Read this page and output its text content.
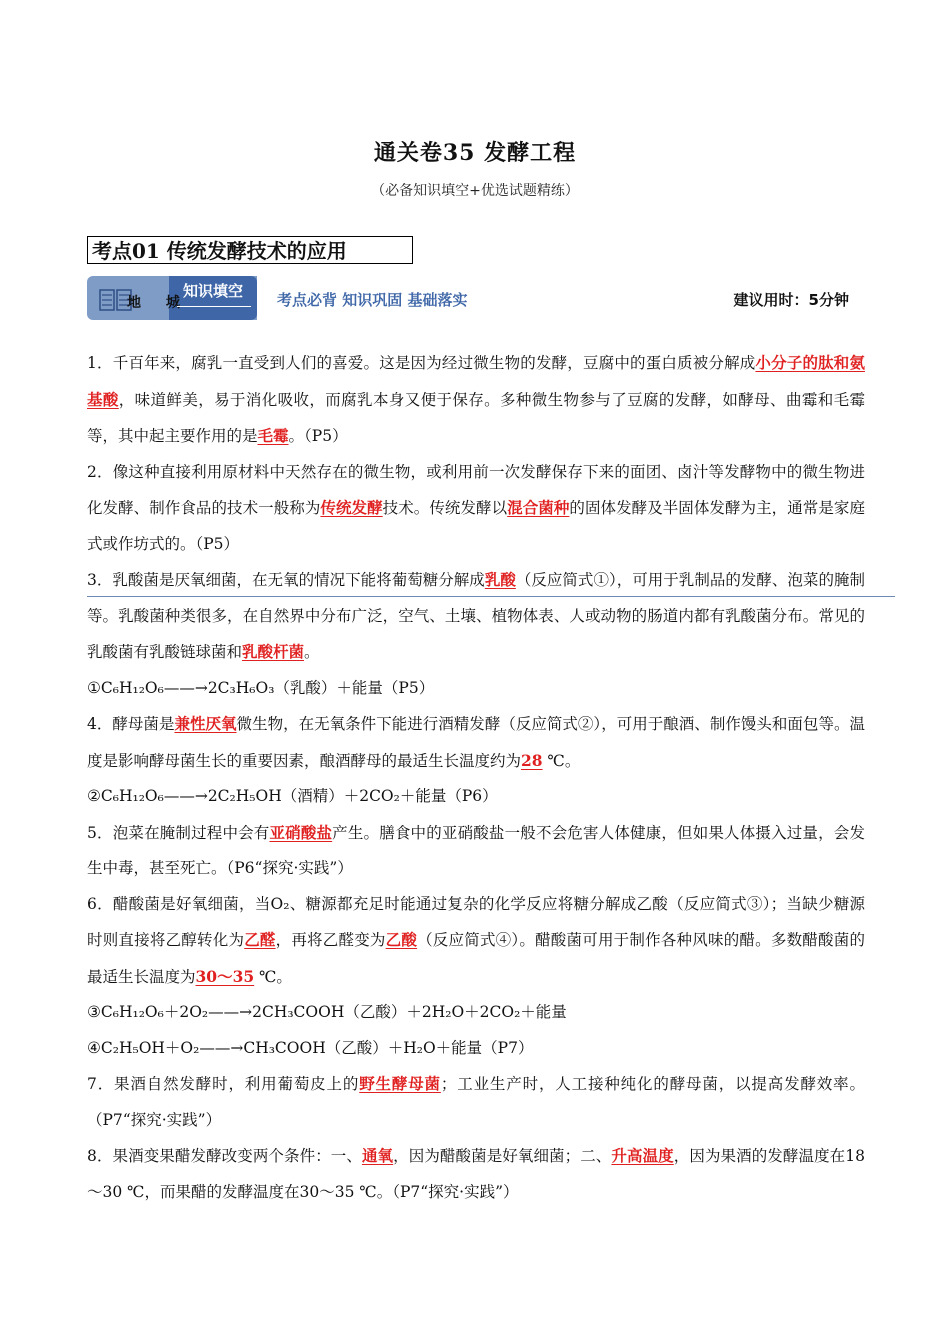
通关卷35 发酵工程
（必备知识填空+优选试题精练）
考点01 传统发酵技术的应用
地 城
知识填空	考点必背 知识巩固 基础落实	建议用时：5分钟

1．千百年来，腐乳一直受到人们的喜爱。这是因为经过微生物的发酵，豆腐中的蛋白质被分解成小分子的肽和氨基酸，味道鲜美，易于消化吸收，而腐乳本身又便于保存。多种微生物参与了豆腐的发酵，如酵母、曲霉和毛霉等，其中起主要作用的是毛霉。（P5）

2．像这种直接利用原材料中天然存在的微生物，或利用前一次发酵保存下来的面团、卤汁等发酵物中的微生物进化发酵、制作食品的技术一般称为传统发酵技术。传统发酵以混合菌种的固体发酵及半固体发酵为主，通常是家庭式或作坊式的。（P5）

3．乳酸菌是厌氧细菌，在无氧的情况下能将葡萄糖分解成乳酸（反应简式①），可用于乳制品的发酵、泡菜的腌制等。乳酸菌种类很多，在自然界中分布广泛，空气、土壤、植物体表、人或动物的肠道内都有乳酸菌分布。常见的乳酸菌有乳酸链球菌和乳酸杆菌。

①C₆H₁₂O₆——→2C₃H₆O₃（乳酸）＋能量（P5）

4．酵母菌是兼性厌氧微生物，在无氧条件下能进行酒精发酵（反应简式②），可用于酿酒、制作馒头和面包等。温度是影响酵母菌生长的重要因素，酿酒酵母的最适生长温度约为28 ℃。

②C₆H₁₂O₆——→2C₂H₅OH（酒精）＋2CO₂＋能量（P6）

5．泡菜在腌制过程中会有亚硝酸盐产生。膳食中的亚硝酸盐一般不会危害人体健康，但如果人体摄入过量，会发生中毒，甚至死亡。（P6“探究·实践”）

6．醋酸菌是好氧细菌，当O₂、糖源都充足时能通过复杂的化学反应将糖分解成乙酸（反应简式③）；当缺少糖源时则直接将乙醇转化为乙醛，再将乙醛变为乙酸（反应简式④）。醋酸菌可用于制作各种风味的醋。多数醋酸菌的最适生长温度为30～35 ℃。

③C₆H₁₂O₆＋2O₂——→2CH₃COOH（乙酸）＋2H₂O＋2CO₂＋能量

④C₂H₅OH＋O₂——→CH₃COOH（乙酸）＋H₂O＋能量（P7）

7．果酒自然发酵时，利用葡萄皮上的野生酵母菌；工业生产时，人工接种纯化的酵母菌，以提高发酵效率。（P7“探究·实践”）

8．果酒变果醋发酵改变两个条件：一、通氧，因为醋酸菌是好氧细菌；二、升高温度，因为果酒的发酵温度在18～30 ℃，而果醋的发酵温度在30～35 ℃。（P7“探究·实践”）
